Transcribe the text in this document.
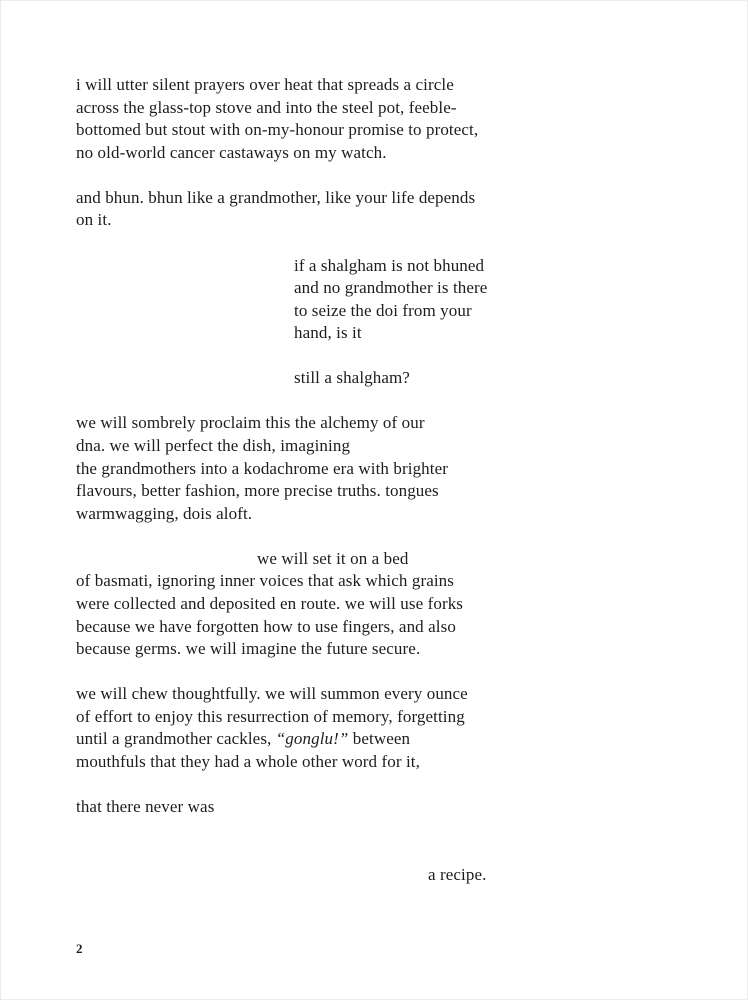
i will utter silent prayers over heat that spreads a circle
across the glass-top stove and into the steel pot, feeble-
bottomed but stout with on-my-honour promise to protect,
no old-world cancer castaways on my watch.
and bhun. bhun like a grandmother, like your life depends
on it.
if a shalgham is not bhuned
and no grandmother is there
to seize the doi from your
hand, is it
still a shalgham?
we will sombrely proclaim this the alchemy of our
dna. we will perfect the dish, imagining
the grandmothers into a kodachrome era with brighter
flavours, better fashion, more precise truths. tongues
warmwagging, dois aloft.
we will set it on a bed
of basmati, ignoring inner voices that ask which grains
were collected and deposited en route. we will use forks
because we have forgotten how to use fingers, and also
because germs. we will imagine the future secure.
we will chew thoughtfully. we will summon every ounce
of effort to enjoy this resurrection of memory, forgetting
until a grandmother cackles, “gonglu!” between
mouthfuls that they had a whole other word for it,
that there never was
a recipe.
2
